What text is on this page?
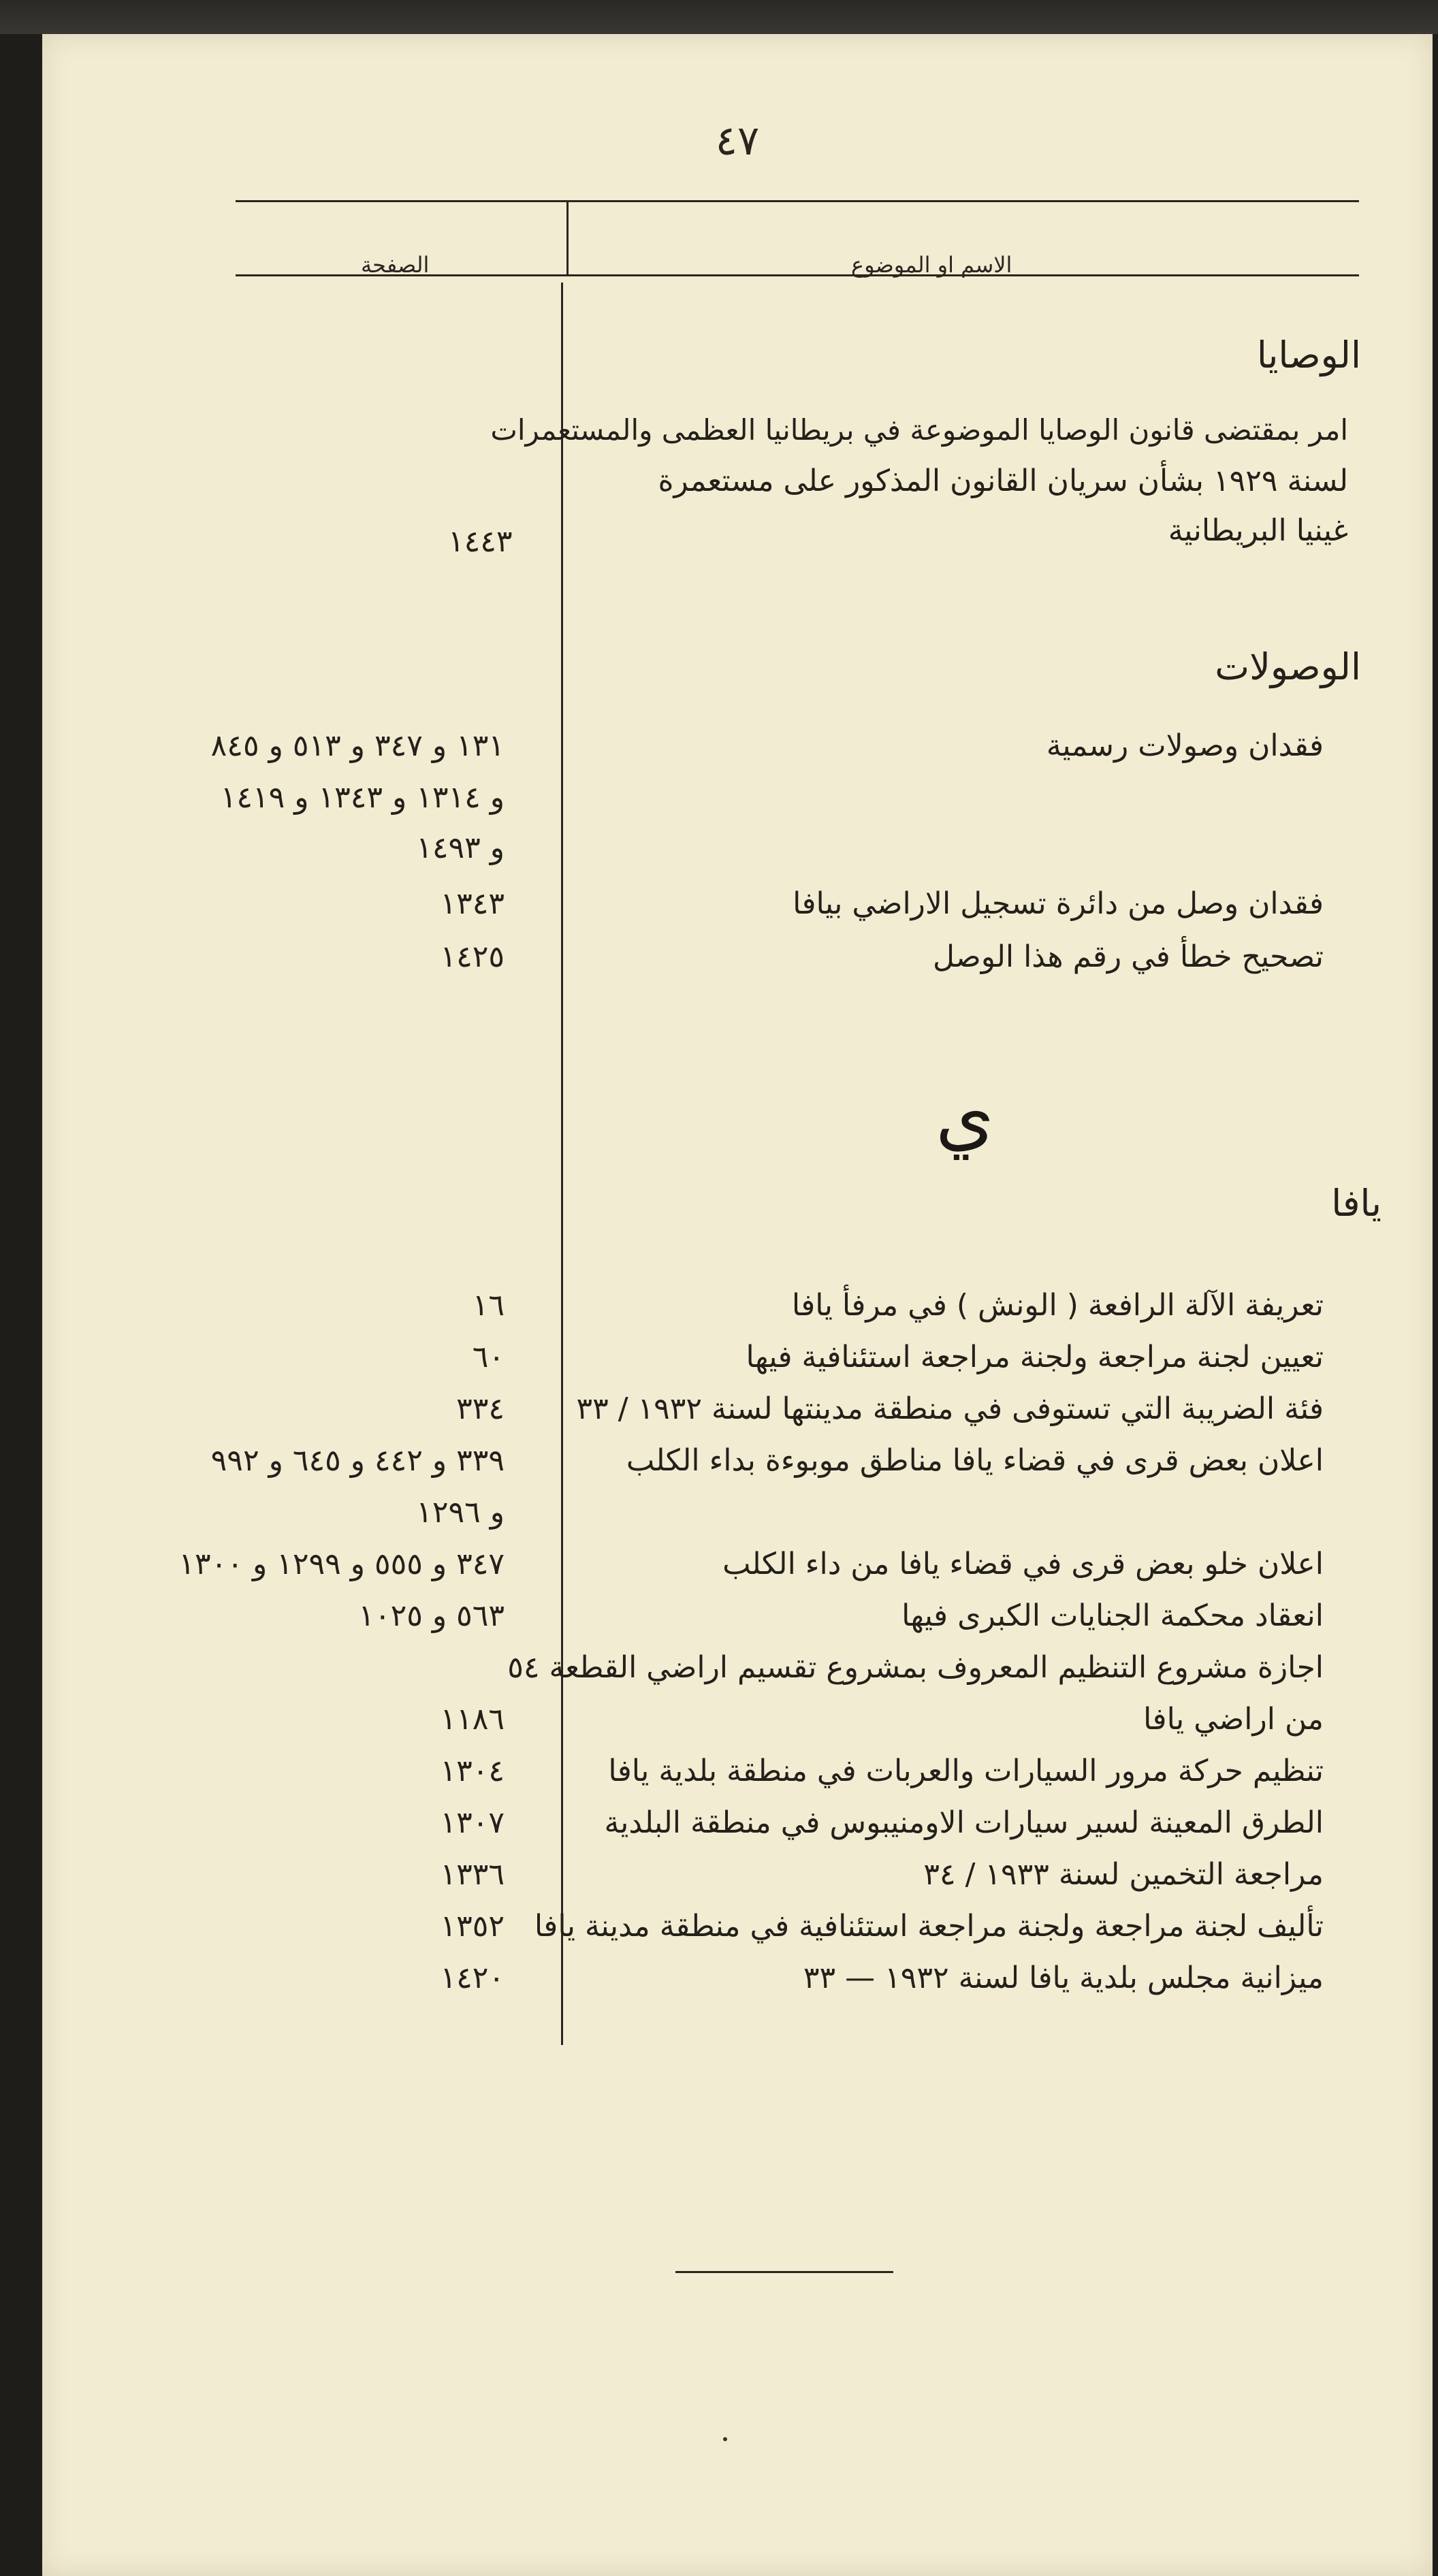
٤٧
الصفحة	الاسم او الموضوع
الوصايا
امر بمقتضى قانون الوصايا الموضوعة في بريطانيا العظمى والمستعمرات
لسنة ١٩٢٩ بشأن سريان القانون المذكور على مستعمرة
غينيا البريطانية
١٤٤٣
الوصولات
فقدان وصولات رسمية
١٣١ و ٣٤٧ و ٥١٣ و ٨٤٥
و ١٣١٤ و ١٣٤٣ و ١٤١٩
و ١٤٩٣
فقدان وصل من دائرة تسجيل الاراضي بيافا
١٣٤٣
تصحيح خطأ في رقم هذا الوصل
١٤٢٥
ي
يافا
تعريفة الآلة الرافعة ( الونش ) في مرفأ يافا
١٦
تعيين لجنة مراجعة ولجنة مراجعة استئنافية فيها
٦٠
فئة الضريبة التي تستوفى في منطقة مدينتها لسنة ١٩٣٢ / ٣٣
٣٣٤
اعلان بعض قرى في قضاء يافا مناطق موبوءة بداء الكلب
٣٣٩ و ٤٤٢ و ٦٤٥ و ٩٩٢
و ١٢٩٦
اعلان خلو بعض قرى في قضاء يافا من داء الكلب
٣٤٧ و ٥٥٥ و ١٢٩٩ و ١٣٠٠
انعقاد محكمة الجنايات الكبرى فيها
٥٦٣ و ١٠٢٥
اجازة مشروع التنظيم المعروف بمشروع تقسيم اراضي القطعة ٥٤
من اراضي يافا
١١٨٦
تنظيم حركة مرور السيارات والعربات في منطقة بلدية يافا
١٣٠٤
الطرق المعينة لسير سيارات الاومنيبوس في منطقة البلدية
١٣٠٧
مراجعة التخمين لسنة ١٩٣٣ / ٣٤
١٣٣٦
تأليف لجنة مراجعة ولجنة مراجعة استئنافية في منطقة مدينة يافا
١٣٥٢
ميزانية مجلس بلدية يافا لسنة ١٩٣٢ — ٣٣
١٤٢٠
